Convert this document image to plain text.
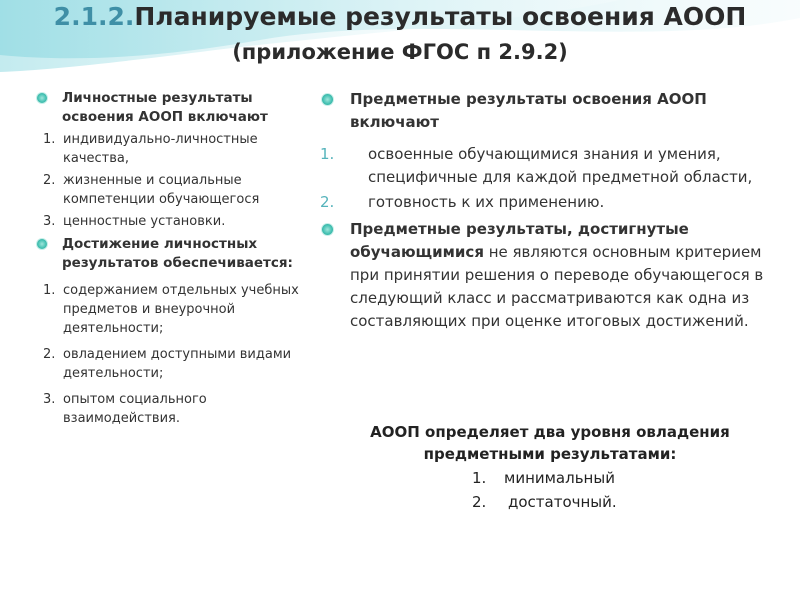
2.1.2.Планируемые результаты освоения АООП
(приложение ФГОС п 2.9.2)
Личностные результаты освоения АООП включают
1. индивидуально-личностные качества,
2. жизненные и социальные компетенции обучающегося
3. ценностные установки.
Достижение личностных результатов обеспечивается:
1. содержанием отдельных учебных предметов и внеурочной деятельности;
2. овладением доступными видами деятельности;
3. опытом социального взаимодействия.
Предметные результаты освоения АООП включают
1. освоенные обучающимися знания и умения, специфичные для каждой предметной области,
2. готовность к их применению.
Предметные результаты, достигнутые обучающимися не являются основным критерием при принятии решения о переводе обучающегося в следующий класс и рассматриваются как одна из составляющих при оценке итоговых достижений.
АООП определяет два уровня овладения предметными результатами:
1. минимальный
2. достаточный.
